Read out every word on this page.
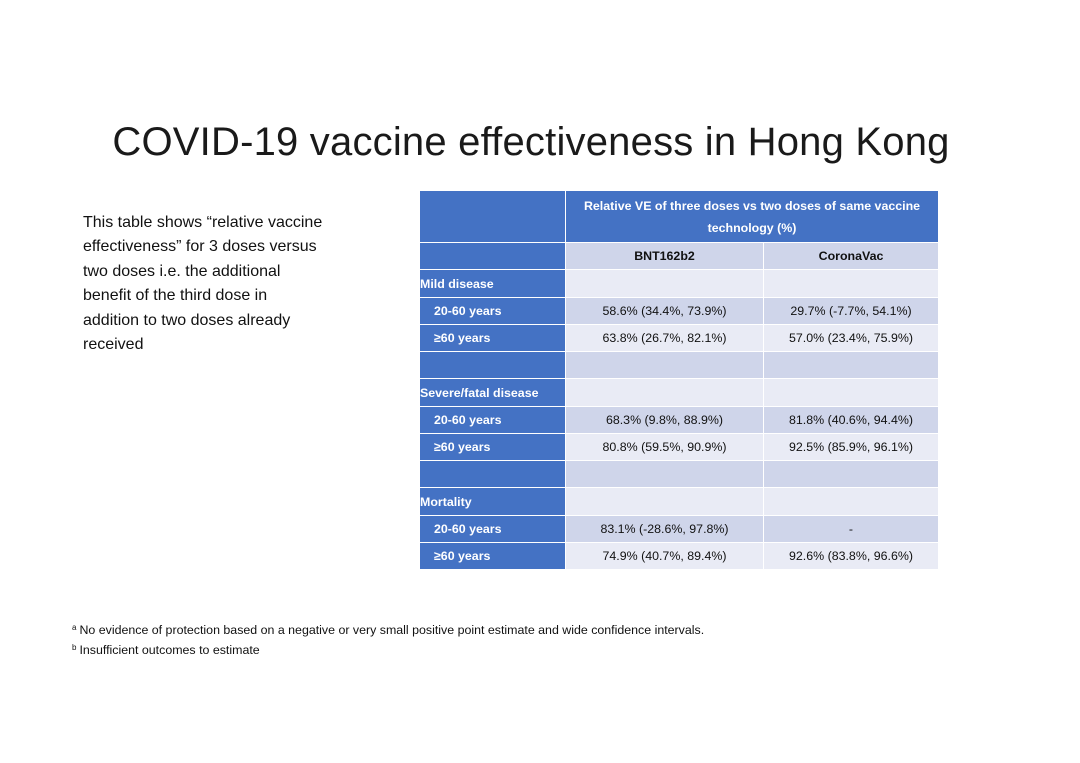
COVID-19 vaccine effectiveness in Hong Kong
This table shows “relative vaccine effectiveness” for 3 doses versus two doses i.e. the additional benefit of the third dose in addition to two doses already received
	Relative VE of three doses vs two doses of same vaccine technology (%)	
	BNT162b2	CoronaVac
Mild disease		
20-60 years	58.6% (34.4%, 73.9%)	29.7% (-7.7%, 54.1%)
≥60 years	63.8% (26.7%, 82.1%)	57.0% (23.4%, 75.9%)

Severe/fatal disease		
20-60 years	68.3% (9.8%, 88.9%)	81.8% (40.6%, 94.4%)
≥60 years	80.8% (59.5%, 90.9%)	92.5% (85.9%, 96.1%)

Mortality		
20-60 years	83.1% (-28.6%, 97.8%)	-
≥60 years	74.9% (40.7%, 89.4%)	92.6% (83.8%, 96.6%)
$^a$ No evidence of protection based on a negative or very small positive point estimate and wide confidence intervals.
$^b$ Insufficient outcomes to estimate
